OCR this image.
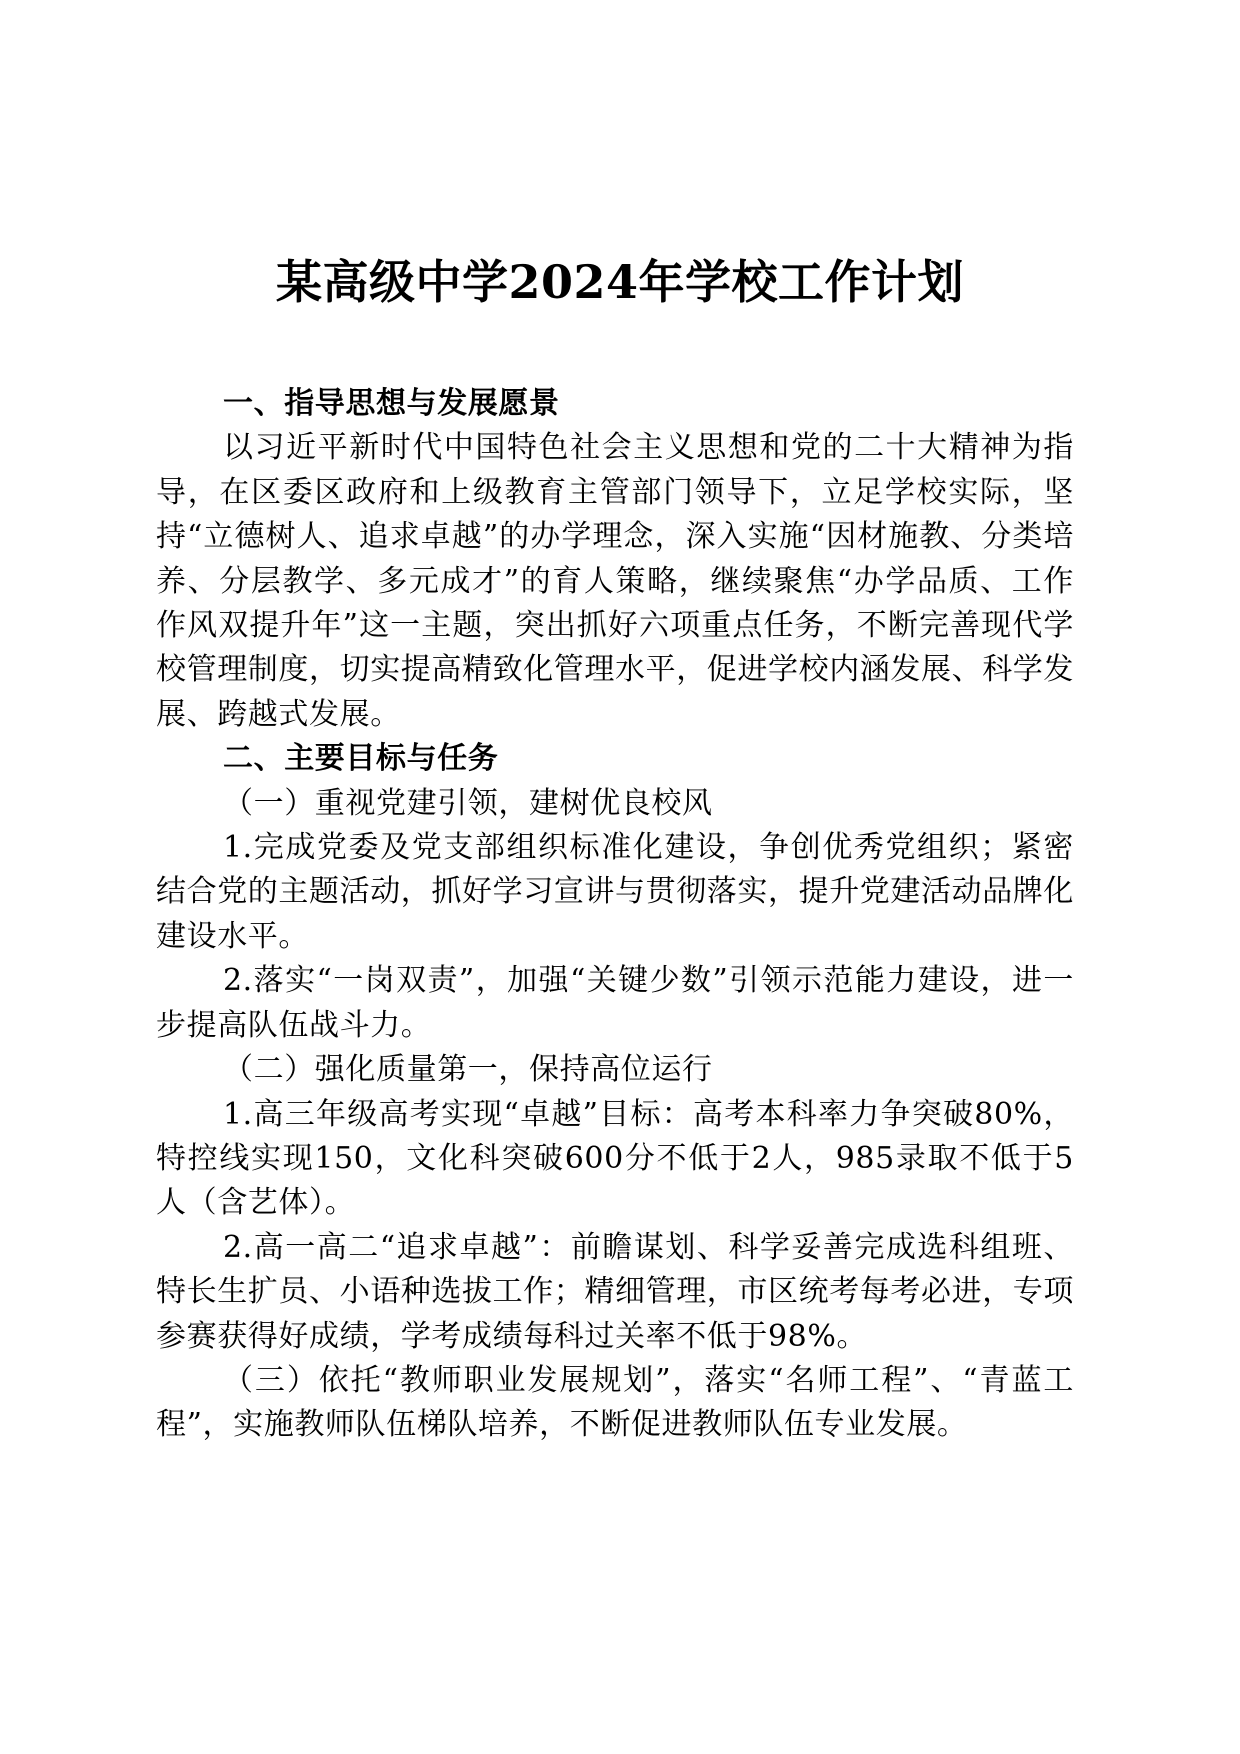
某高级中学2024年学校工作计划

一、指导思想与发展愿景

以习近平新时代中国特色社会主义思想和党的二十大精神为指导，在区委区政府和上级教育主管部门领导下，立足学校实际，坚持“立德树人、追求卓越”的办学理念，深入实施“因材施教、分类培养、分层教学、多元成才”的育人策略，继续聚焦“办学品质、工作作风双提升年”这一主题，突出抓好六项重点任务，不断完善现代学校管理制度，切实提高精致化管理水平，促进学校内涵发展、科学发展、跨越式发展。

二、主要目标与任务

（一）重视党建引领，建树优良校风

1.完成党委及党支部组织标准化建设，争创优秀党组织；紧密结合党的主题活动，抓好学习宣讲与贯彻落实，提升党建活动品牌化建设水平。

2.落实“一岗双责”，加强“关键少数”引领示范能力建设，进一步提高队伍战斗力。

（二）强化质量第一，保持高位运行

1.高三年级高考实现“卓越”目标：高考本科率力争突破80%，特控线实现150，文化科突破600分不低于2人，985录取不低于5人（含艺体）。

2.高一高二“追求卓越”：前瞻谋划、科学妥善完成选科组班、特长生扩员、小语种选拔工作；精细管理，市区统考每考必进，专项参赛获得好成绩，学考成绩每科过关率不低于98%。

（三）依托“教师职业发展规划”，落实“名师工程”、“青蓝工程”，实施教师队伍梯队培养，不断促进教师队伍专业发展。
